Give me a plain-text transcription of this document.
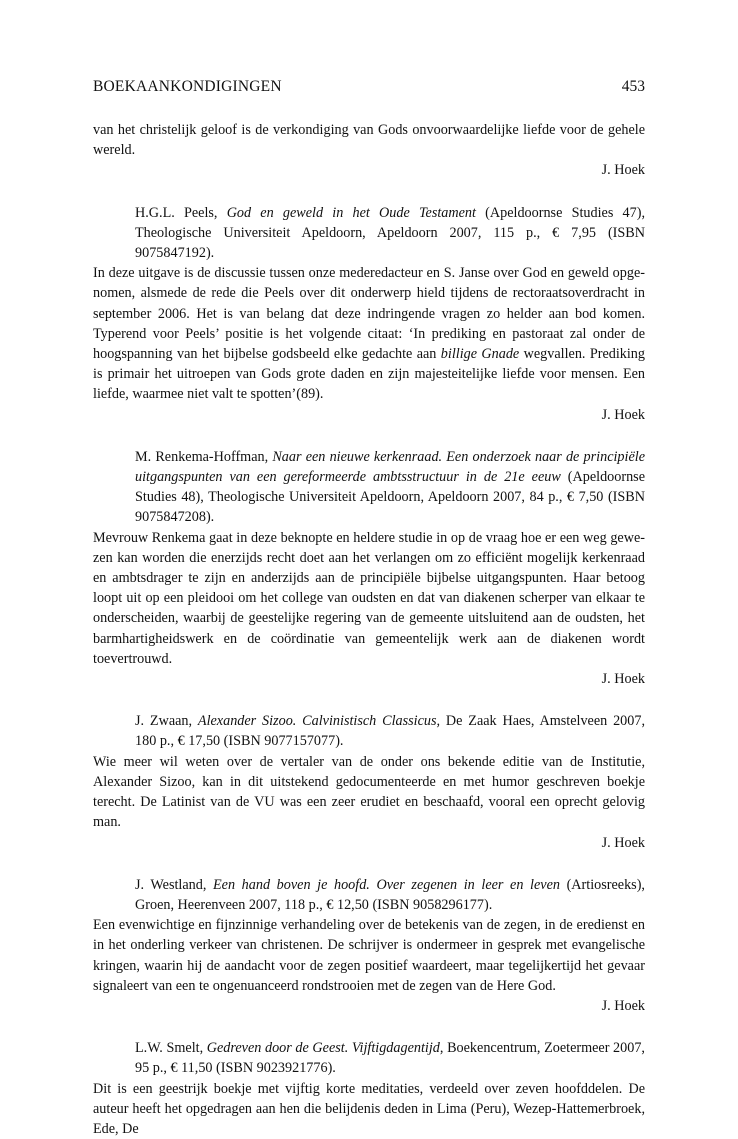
BOEKAANKONDIGINGEN	453

van het christelijk geloof is de verkondiging van Gods onvoorwaardelijke liefde voor de gehele wereld.

J. Hoek

H.G.L. Peels, God en geweld in het Oude Testament (Apeldoornse Studies 47), Theologische Universiteit Apeldoorn, Apeldoorn 2007, 115 p., € 7,95 (ISBN 9075847192).

In deze uitgave is de discussie tussen onze mederedacteur en S. Janse over God en geweld opgenomen, alsmede de rede die Peels over dit onderwerp hield tijdens de rectoraatsoverdracht in september 2006. Het is van belang dat deze indringende vragen zo helder aan bod komen. Typerend voor Peels’ positie is het volgende citaat: ‘In prediking en pastoraat zal onder de hoogspanning van het bijbelse godsbeeld elke gedachte aan billige Gnade wegvallen. Prediking is primair het uitroepen van Gods grote daden en zijn majesteitelijke liefde voor mensen. Een liefde, waarmee niet valt te spotten’(89).

J. Hoek

M. Renkema-Hoffman, Naar een nieuwe kerkenraad. Een onderzoek naar de principiële uitgangspunten van een gereformeerde ambtsstructuur in de 21e eeuw (Apeldoornse Studies 48), Theologische Universiteit Apeldoorn, Apeldoorn 2007, 84 p., € 7,50 (ISBN 9075847208).

Mevrouw Renkema gaat in deze beknopte en heldere studie in op de vraag hoe er een weg gewezen kan worden die enerzijds recht doet aan het verlangen om zo efficiënt mogelijk kerkenraad en ambtsdrager te zijn en anderzijds aan de principiële bijbelse uitgangspunten. Haar betoog loopt uit op een pleidooi om het college van oudsten en dat van diakenen scherper van elkaar te onderscheiden, waarbij de geestelijke regering van de gemeente uitsluitend aan de oudsten, het barmhartigheidswerk en de coördinatie van gemeentelijk werk aan de diakenen wordt toevertrouwd.

J. Hoek

J. Zwaan, Alexander Sizoo. Calvinistisch Classicus, De Zaak Haes, Amstelveen 2007, 180 p., € 17,50 (ISBN 9077157077).

Wie meer wil weten over de vertaler van de onder ons bekende editie van de Institutie, Alexander Sizoo, kan in dit uitstekend gedocumenteerde en met humor geschreven boekje terecht. De Latinist van de VU was een zeer erudiet en beschaafd, vooral een oprecht gelovig man.

J. Hoek

J. Westland, Een hand boven je hoofd. Over zegenen in leer en leven (Artiosreeks), Groen, Heerenveen 2007, 118 p., € 12,50 (ISBN 9058296177).

Een evenwichtige en fijnzinnige verhandeling over de betekenis van de zegen, in de eredienst en in het onderling verkeer van christenen. De schrijver is ondermeer in gesprek met evangelische kringen, waarin hij de aandacht voor de zegen positief waardeert, maar tegelijkertijd het gevaar signaleert van een te ongenuanceerd rondstrooien met de zegen van de Here God.

J. Hoek

L.W. Smelt, Gedreven door de Geest. Vijftigdagentijd, Boekencentrum, Zoetermeer 2007, 95 p., € 11,50 (ISBN 9023921776).

Dit is een geestrijk boekje met vijftig korte meditaties, verdeeld over zeven hoofddelen. De auteur heeft het opgedragen aan hen die belijdenis deden in Lima (Peru), Wezep-Hattemerbroek, Ede, De
